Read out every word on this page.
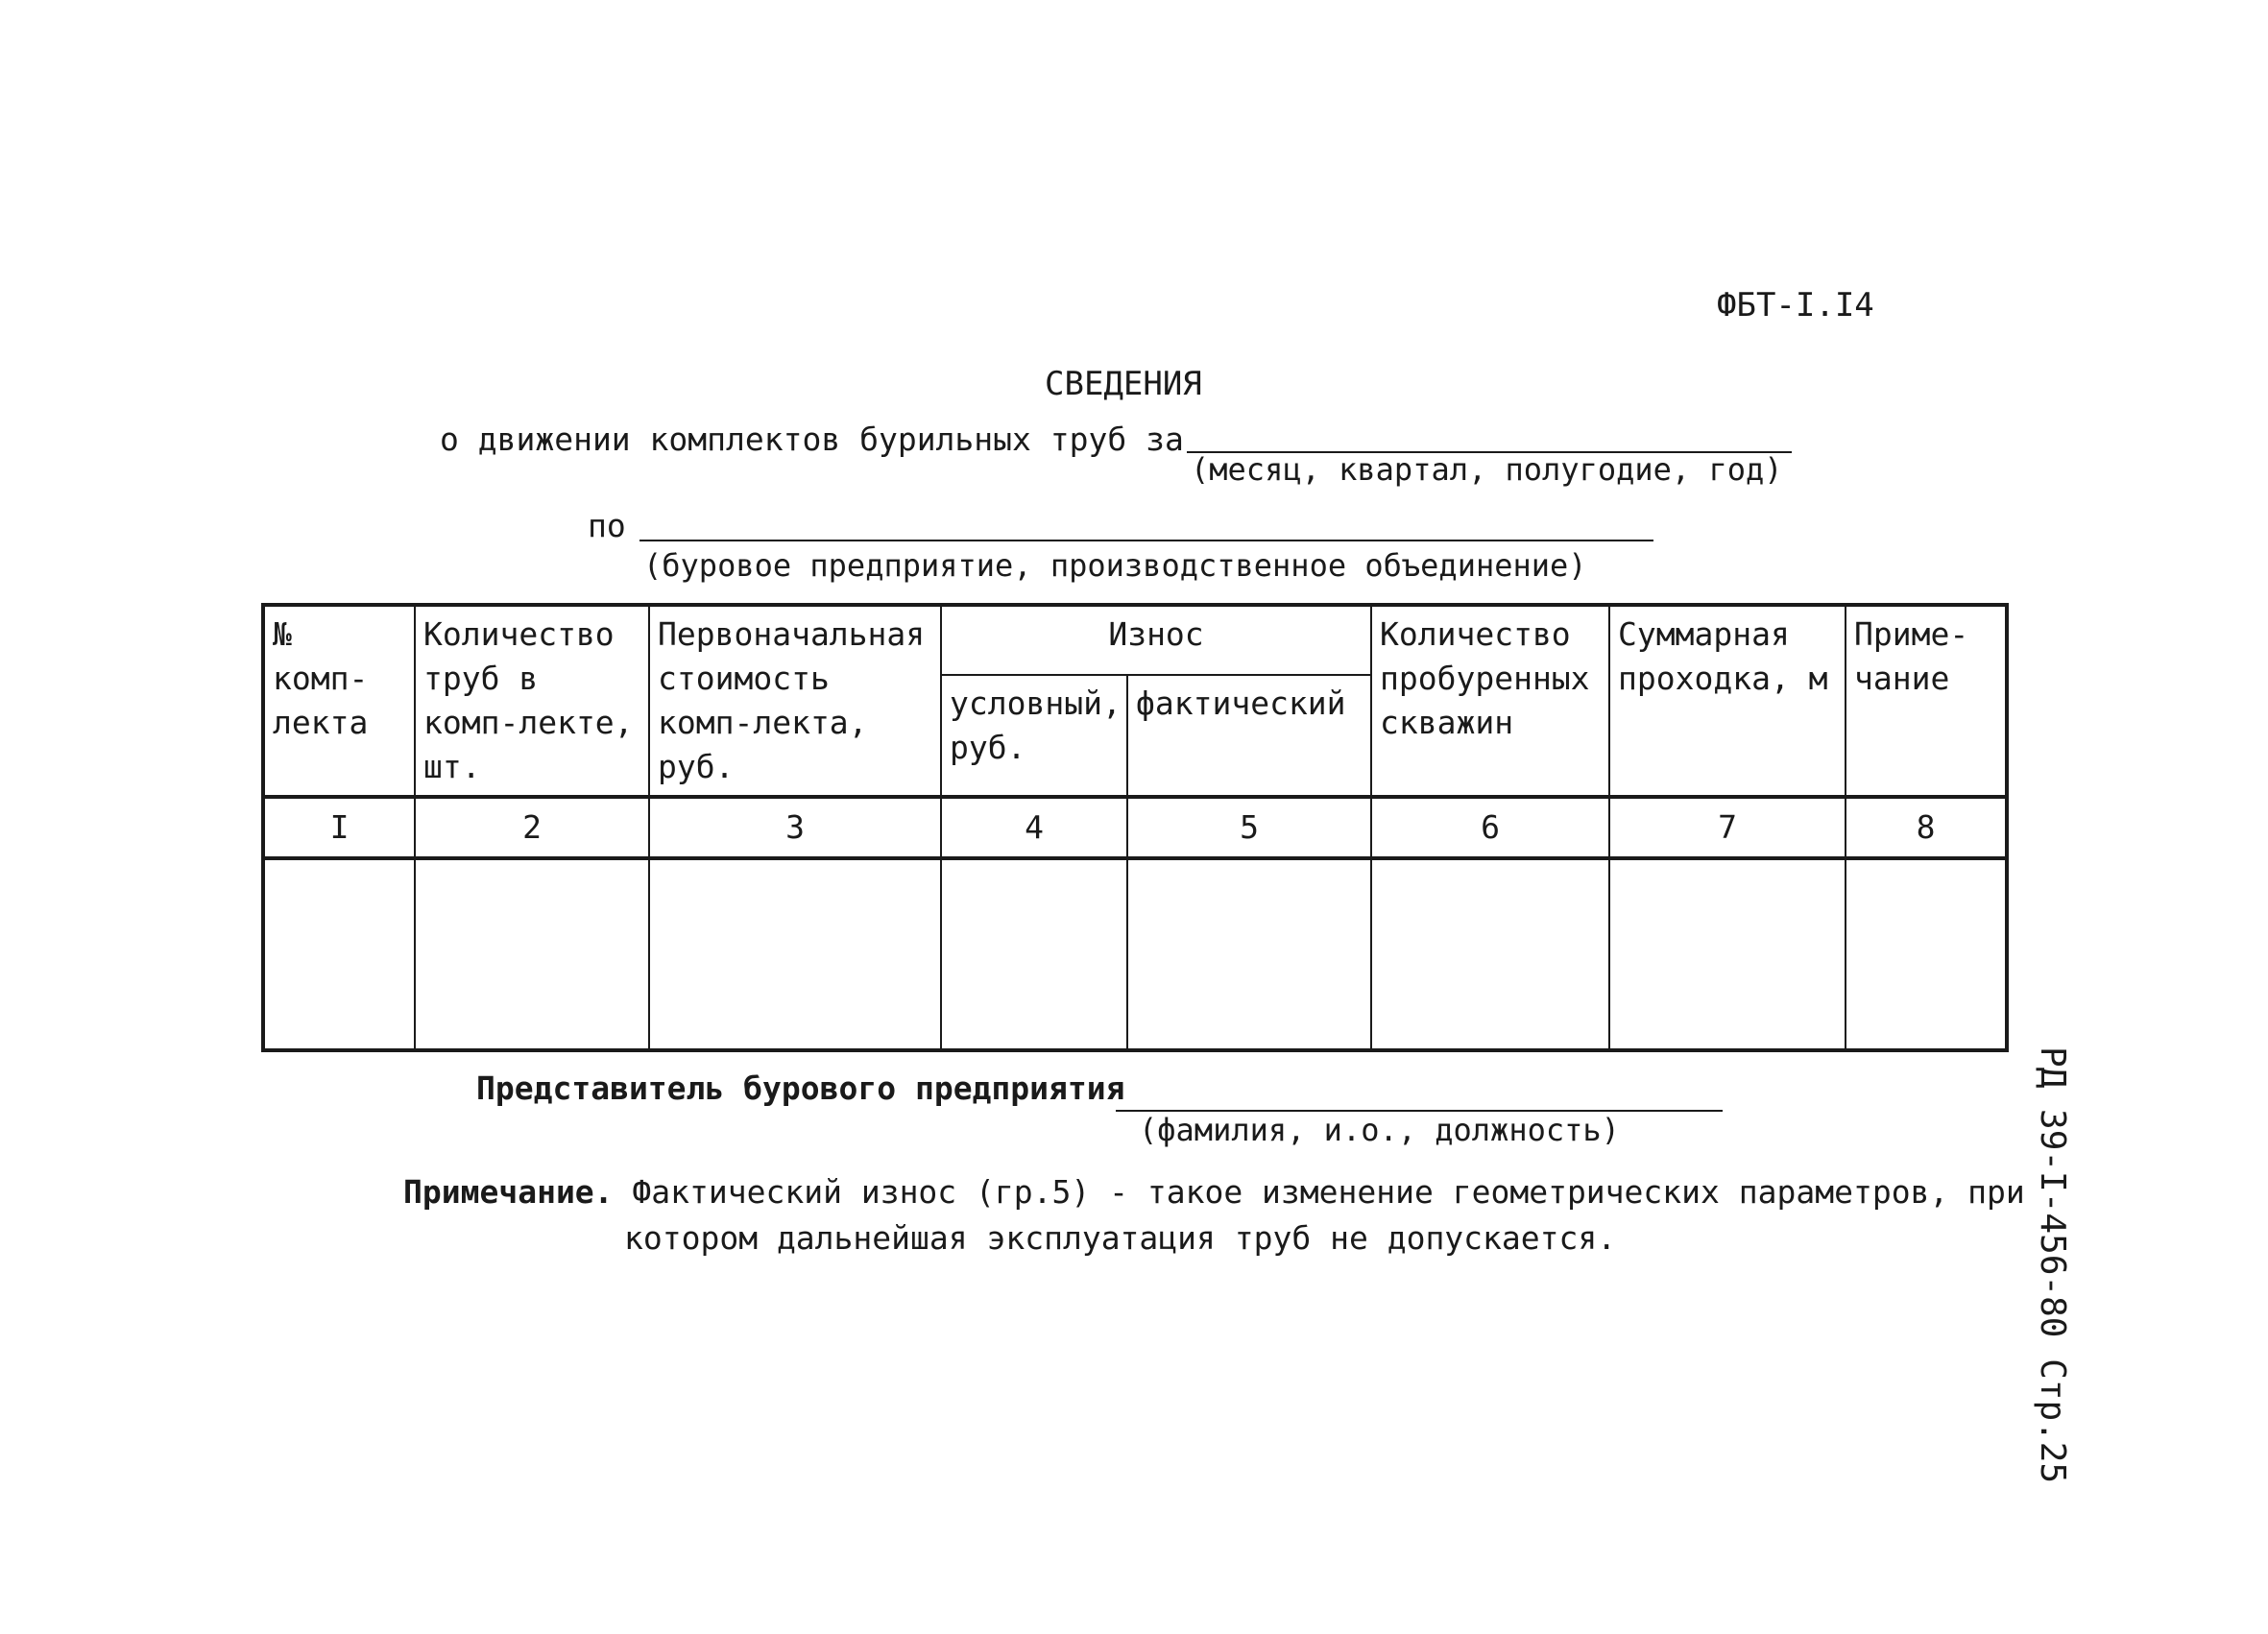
ФБТ-I.I4
СВЕДЕНИЯ
о движении комплектов бурильных труб за
(месяц, квартал, полугодие, год)
по
(буровое предприятие, производственное объединение)
№ комп-лекта	Количество труб в комп-лекте, шт.	Первоначальная стоимость комп-лекта, руб.	Износ		Количество пробуренных скважин	Суммарная проходка, м	Приме-чание
			условный, руб.	фактический			
I	2	3	4	5	6	7	8

Представитель бурового предприятия
(фамилия, и.о., должность)
Примечание. Фактический износ (гр.5) - такое изменение геометрических параметров, при
котором дальнейшая эксплуатация труб не допускается.	РД 39-I-456-80 Стр.25
